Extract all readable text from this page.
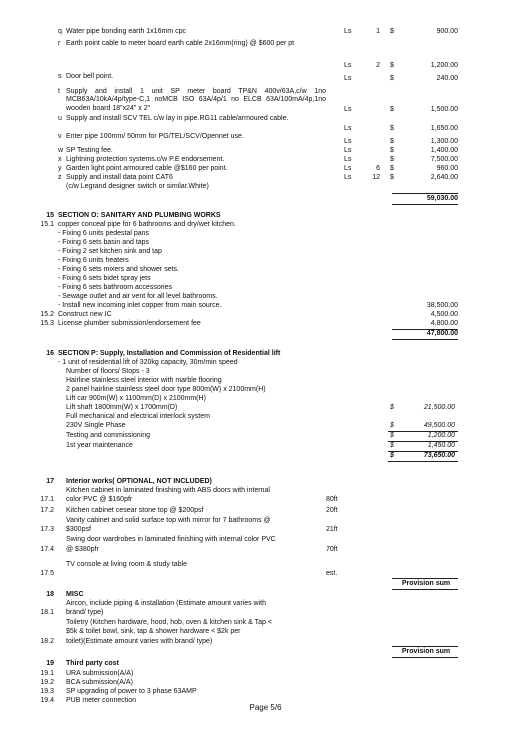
q Water pipe bonding earth 1x16mm cpc	Ls	1 $	900.00
r Earth point cable to meter board earth cable 2x16mm(ring) @ $600 per pt
Ls	2 $	1,200.00
s Door bell point.	Ls	$	240.00
t Supply and install 1 unit SP meter board TP&N 400v/63A,c/w 1no MCB63A/10kA/4p/type-C,1 noMCB ISO 63A/4p/1 no ELCB 63A/100mA/4p,1no wooden board 18"x24" x 2"	Ls	$	1,500.00
u Supply and install SCV TEL c/w lay in pipe.RG11 cable/armoured cable.
Ls	$	1,650.00
v Enter pipe 100mm/ 50mm for PG/TEL/SCV/Opennet use.
Ls	$	1,300.00
w SP Testing fee.	Ls	$	1,400.00
x Lightning protection systems.c/w P.E endorsement.	Ls	$	7,500.00
y Garden light point armoured cable @$160 per point.	Ls	6 $	960.00
z Supply and install data point CAT6	Ls	12 $	2,640.00
(c/w Legrand designer switch or similar.White)
59,030.00
15 SECTION O: SANITARY AND PLUMBING WORKS
15.1 copper conceal pipe for 6 bathrooms and dry/wet kitchen.
- Fixing 6 units pedestal pans
- Fixing 6 sets basin and taps
- Fixing 2 set kitchen sink and tap
- Fixing 6 units heaters
- Fixing 6 sets mixers and shower sets.
- Fixing 6 sets bidet spray jets
- Fixing 6 sets bathroom accessories
- Sewage outlet and air vent for all level bathrooms.
- Install new incoming inlet copper from main source.	38,500.00
15.2 Construct new IC	4,500.00
15.3 License plumber submission/endorsement fee	4,800.00
47,800.00
16 SECTION P: Supply, Installation and Commission of Residential lift
- 1 unit of residential lift of 320kg capacity, 30m/min speed
Number of floors/ Stops - 3
Hairline stainless steel interior with marble flooring
2 panel hairline stainless steel door type 800m(W) x 2100mm(H)
Lift car 900m(W) x 1100mm(D) x 2100mm(H)
Lift shaft 1800mm(W) x 1700mm(D)	$	21,500.00
Full mechanical and electrical interlock system
230V Single Phase	$	49,500.00
Testing and commissioning	$	1,200.00
1st year maintenance	$	1,450.00
$	73,650.00
17 Interior works( OPTIONAL, NOT INCLUDED)
Kitchen cabinet in laminated finishing with ABS doors with internal
17.1 color PVC @ $160pfr	80ft
17.2 Kitchen cabinet cesear stone top @ $200psf	20ft
Vanity cabinet and solid surface top with mirror for 7 bathrooms @
17.3 $300psf	21ft
Swing door wardrobes in laminated finishing with internal color PVC
17.4 @ $380pfr	70ft
TV console at living room & study table
17.5	est.
Provision sum
18 MISC
Aircon, include piping & installation (Estimate amount varies with
18.1 brand/ type)
Toiletry (Kitchen hardware, hood, hob, oven & kitchen sink & Tap <
$5k & toilet bowl, sink, tap & shower hardware < $2k per
18.2 toilet)(Estimate amount varies with brand/ type)
Provision sum
19 Third party cost
19.1 URA submission(A/A)
19.2 BCA submission(A/A)
19.3 SP upgrading of power to 3 phase 63AMP
19.4 PUB meter connection
Page 5/6
